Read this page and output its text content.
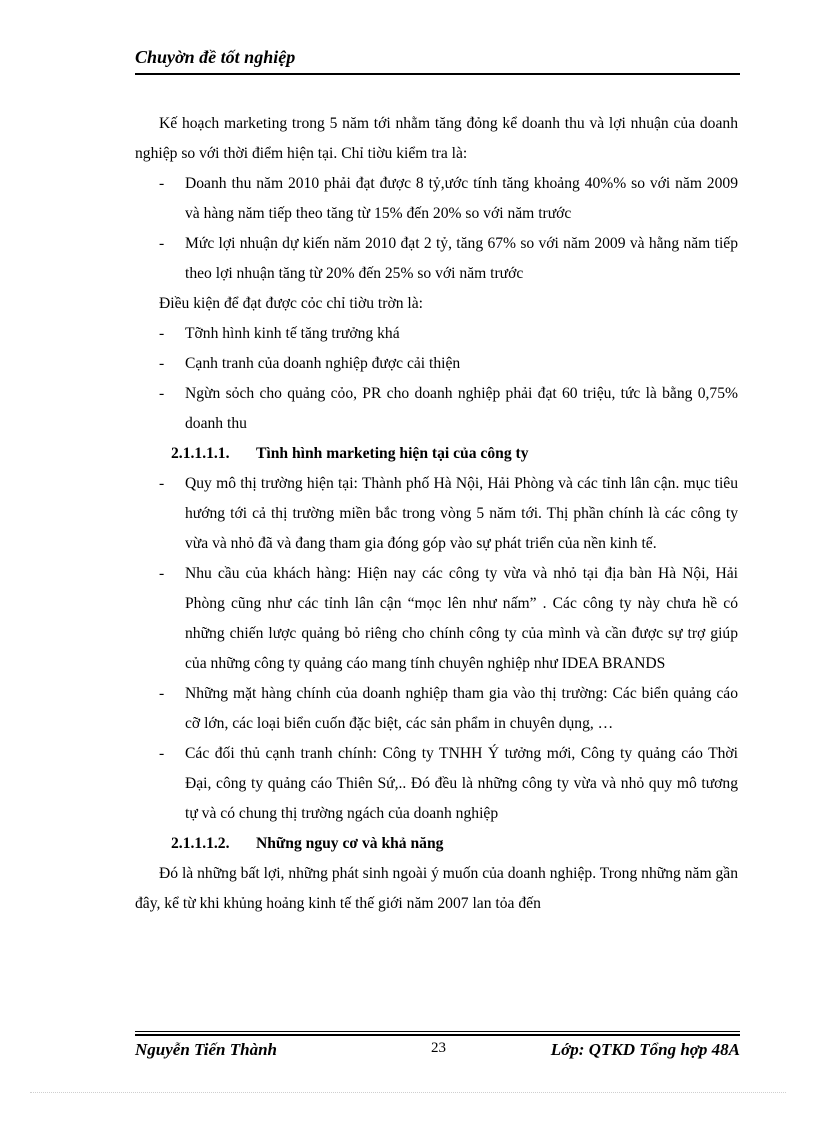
Chuyờn đề tốt nghiệp

Kế hoạch marketing trong 5 năm tới nhằm tăng đỏng kể doanh thu và lợi nhuận của doanh nghiệp so với thời điểm hiện tại. Chỉ tiờu kiểm tra là:

- Doanh thu năm 2010 phải đạt được 8 tỷ,ước tính tăng khoảng 40%% so với năm 2009 và hàng năm tiếp theo tăng từ 15% đến 20% so với năm trước

- Mức lợi nhuận dự kiến năm 2010 đạt 2 tỷ, tăng 67% so với năm 2009 và hằng năm tiếp theo lợi nhuận tăng từ 20% đến 25% so với năm trước

Điều kiện để đạt được cỏc chỉ tiờu trờn là:

- Tỡnh hình kinh tế tăng trưởng khá

- Cạnh tranh của doanh nghiệp được cải thiện

- Ngừn sỏch cho quảng cỏo, PR cho doanh nghiệp phải đạt 60 triệu, tức là bằng 0,75% doanh thu

2.1.1.1.1. Tình hình marketing hiện tại của công ty

- Quy mô thị trường hiện tại: Thành phố Hà Nội, Hải Phòng và các tỉnh lân cận. mục tiêu hướng tới cả thị trường miền bắc trong vòng 5 năm tới. Thị phần chính là các công ty vừa và nhỏ đã và đang tham gia đóng góp vào sự phát triển của nền kinh tế.

- Nhu cầu của khách hàng: Hiện nay các công ty vừa và nhỏ tại địa bàn Hà Nội, Hải Phòng cũng như các tỉnh lân cận “mọc lên như nấm” . Các công ty này chưa hề có những chiến lược quảng bỏ riêng cho chính công ty của mình và cần được sự trợ giúp của những công ty quảng cáo mang tính chuyên nghiệp như IDEA BRANDS

- Những mặt hàng chính của doanh nghiệp tham gia vào thị trường: Các biển quảng cáo cỡ lớn, các loại biển cuốn đặc biệt, các sản phẩm in chuyên dụng, …

- Các đối thủ cạnh tranh chính: Công ty TNHH Ý tưởng mới, Công ty quảng cáo Thời Đại, công ty quảng cáo Thiên Sứ,.. Đó đều là những công ty vừa và nhỏ quy mô tương tự và có chung thị trường ngách của doanh nghiệp

2.1.1.1.2. Những nguy cơ và khả năng

Đó là những bất lợi, những phát sinh ngoài ý muốn của doanh nghiệp. Trong những năm gần đây, kể từ khi khủng hoảng kinh tế thế giới năm 2007 lan tỏa đến

Nguyễn Tiến Thành	23	Lớp: QTKD Tổng hợp 48A
